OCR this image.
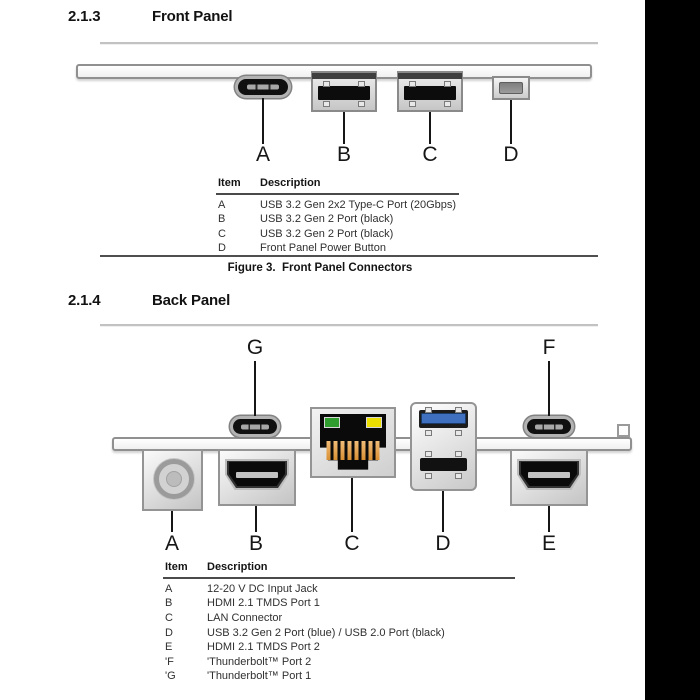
2.1.3	Front Panel
A	B	C	D
Item	Description
A	USB 3.2 Gen 2x2 Type-C Port (20Gbps)
B	USB 3.2 Gen 2 Port (black)
C	USB 3.2 Gen 2 Port (black)
D	Front Panel Power Button
Figure 3.  Front Panel Connectors
2.1.4	Back Panel
G	F
A	B	C	D	E
Item	Description
A	12-20 V DC Input Jack
B	HDMI 2.1 TMDS Port 1
C	LAN Connector
D	USB 3.2 Gen 2 Port (blue) / USB 2.0 Port (black)
E	HDMI 2.1 TMDS Port 2
'F	'Thunderbolt™ Port 2
'G	'Thunderbolt™ Port 1
